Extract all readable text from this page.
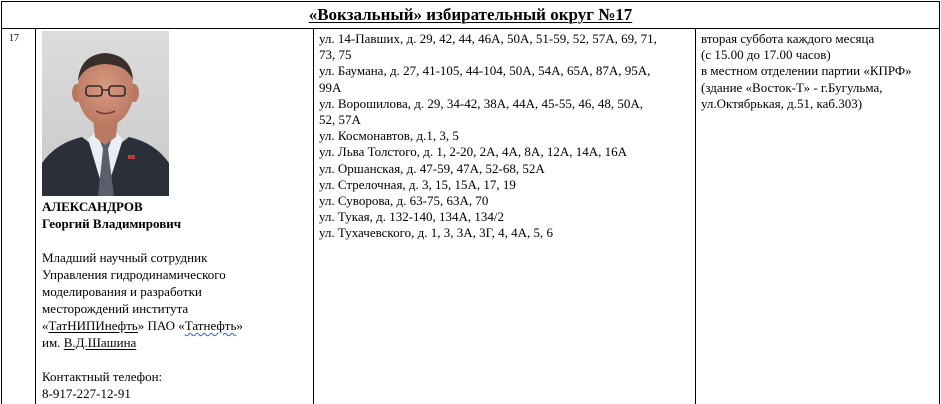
«Вокзальный» избирательный округ №17
17
АЛЕКСАНДРОВ
Георгий Владимирович
Младший научный сотрудник
Управления гидродинамического
моделирования и разработки
месторождений института
«ТатНИПИнефть» ПАО «Татнефть»
им. В.Д.Шашина
Контактный телефон:
8-917-227-12-91
ул. 14-Павших, д. 29, 42, 44, 46А, 50А, 51-59, 52, 57А, 69, 71,
73, 75
ул. Баумана, д. 27, 41-105, 44-104, 50А, 54А, 65А, 87А, 95А,
99А
ул. Ворошилова, д. 29, 34-42, 38А, 44А, 45-55, 46, 48, 50А,
52, 57А
ул. Космонавтов, д.1, 3, 5
ул. Льва Толстого, д. 1, 2-20, 2А, 4А, 8А, 12А, 14А, 16А
ул. Оршанская, д. 47-59, 47А, 52-68, 52А
ул. Стрелочная, д. 3, 15, 15А, 17, 19
ул. Суворова, д. 63-75, 63А, 70
ул. Тукая, д. 132-140, 134А, 134/2
ул. Тухачевского, д. 1, 3, 3А, 3Г, 4, 4А, 5, 6
вторая суббота каждого месяца
(с 15.00 до 17.00 часов)
в местном отделении партии «КПРФ»
(здание «Восток-Т» - г.Бугульма,
ул.Октябрькая, д.51, каб.303)
